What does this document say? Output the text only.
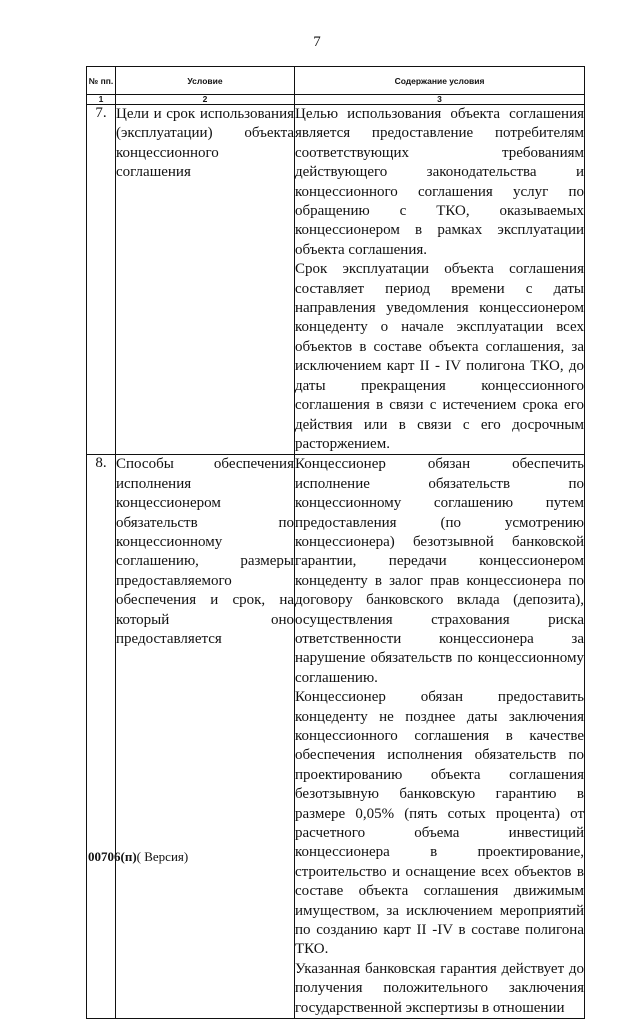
7
№ пп.	Условие	Содержание условия
1	2	3
7.	Цели и срок использования (эксплуатации) объекта концессионного соглашения	Целью использования объекта соглашения является предоставление потребителям соответствующих требованиям действующего законодательства и концессионного соглашения услуг по обращению с ТКО, оказываемых концессионером в рамках эксплуатации объекта соглашения.

Срок эксплуатации объекта соглашения составляет период времени с даты направления уведомления концессионером концеденту о начале эксплуатации всех объектов в составе объекта соглашения, за исключением карт II - IV полигона ТКО, до даты прекращения концессионного соглашения в связи с истечением срока его действия или в связи с его досрочным расторжением.

8.	Способы обеспечения исполнения концессионером обязательств по концессионному соглашению, размеры предоставляемого обеспечения и срок, на который оно предоставляется	Концессионер обязан обеспечить исполнение обязательств по концессионному соглашению путем предоставления (по усмотрению концессионера) безотзывной банковской гарантии, передачи концессионером концеденту в залог прав концессионера по договору банковского вклада (депозита), осуществления страхования риска ответственности концессионера за нарушение обязательств по концессионному соглашению.

Концессионер обязан предоставить концеденту не позднее даты заключения концессионного соглашения в качестве обеспечения исполнения обязательств по проектированию объекта соглашения безотзывную банковскую гарантию в размере 0,05% (пять сотых процента) от расчетного объема инвестиций концессионера в проектирование, строительство и оснащение всех объектов в составе объекта соглашения движимым имуществом, за исключением мероприятий по созданию карт II -IV в составе полигона ТКО.

Указанная банковская гарантия действует до получения положительного заключения государственной экспертизы в отношении

00706(п)( Версия)
